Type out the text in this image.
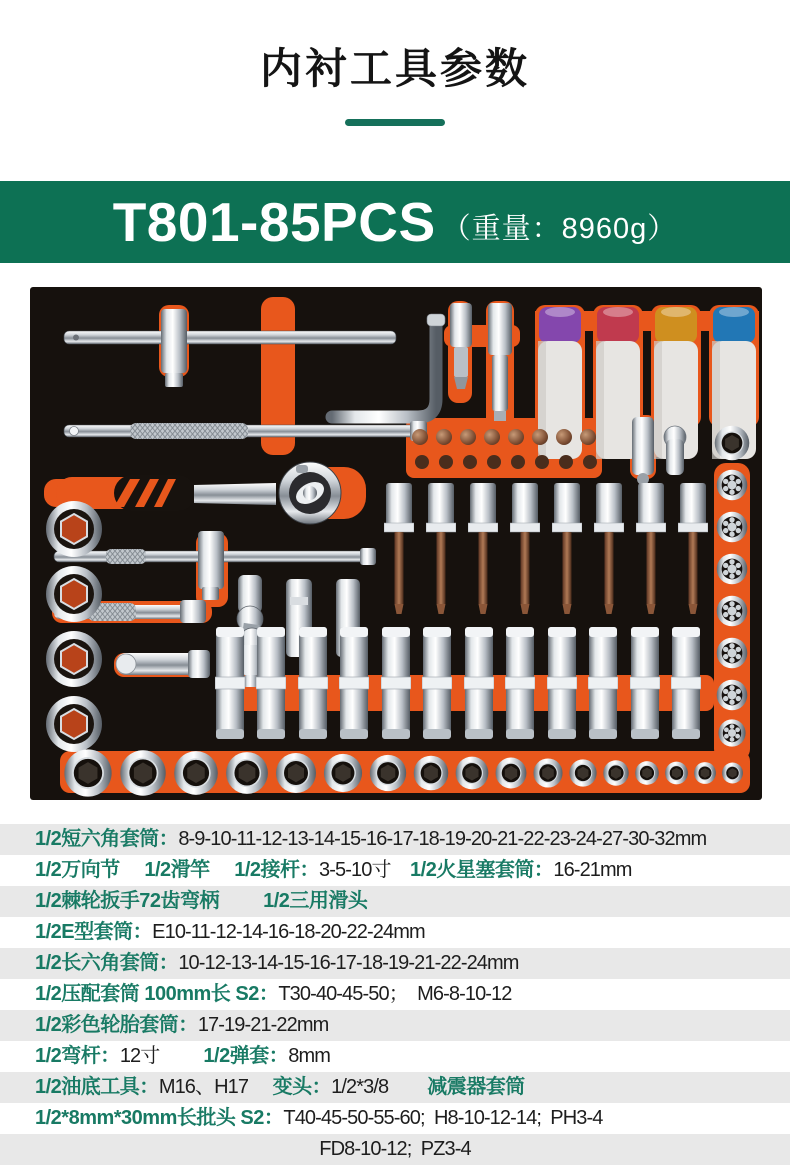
内衬工具参数
T801-85PCS （重量：8960g）
1/2短六角套筒：8-9-10-11-12-13-14-15-16-17-18-19-20-21-22-23-24-27-30-32mm
1/2万向节　 1/2滑竿　 1/2接杆：3-5-10寸　1/2火星塞套筒：16-21mm
1/2棘轮扳手72齿弯柄　　 1/2三用滑头
1/2E型套筒：E10-11-12-14-16-18-20-22-24mm
1/2长六角套筒：10-12-13-14-15-16-17-18-19-21-22-24mm
1/2压配套筒 100mm长 S2：T30-40-45-50；  M6-8-10-12
1/2彩色轮胎套筒：17-19-21-22mm
1/2弯杆：12寸　　 1/2弹套：8mm
1/2油底工具：M16、H17　 变头：1/2*3/8　　减震器套筒
1/2*8mm*30mm长批头 S2：T40-45-50-55-60;  H8-10-12-14;  PH3-4
FD8-10-12;  PZ3-4
